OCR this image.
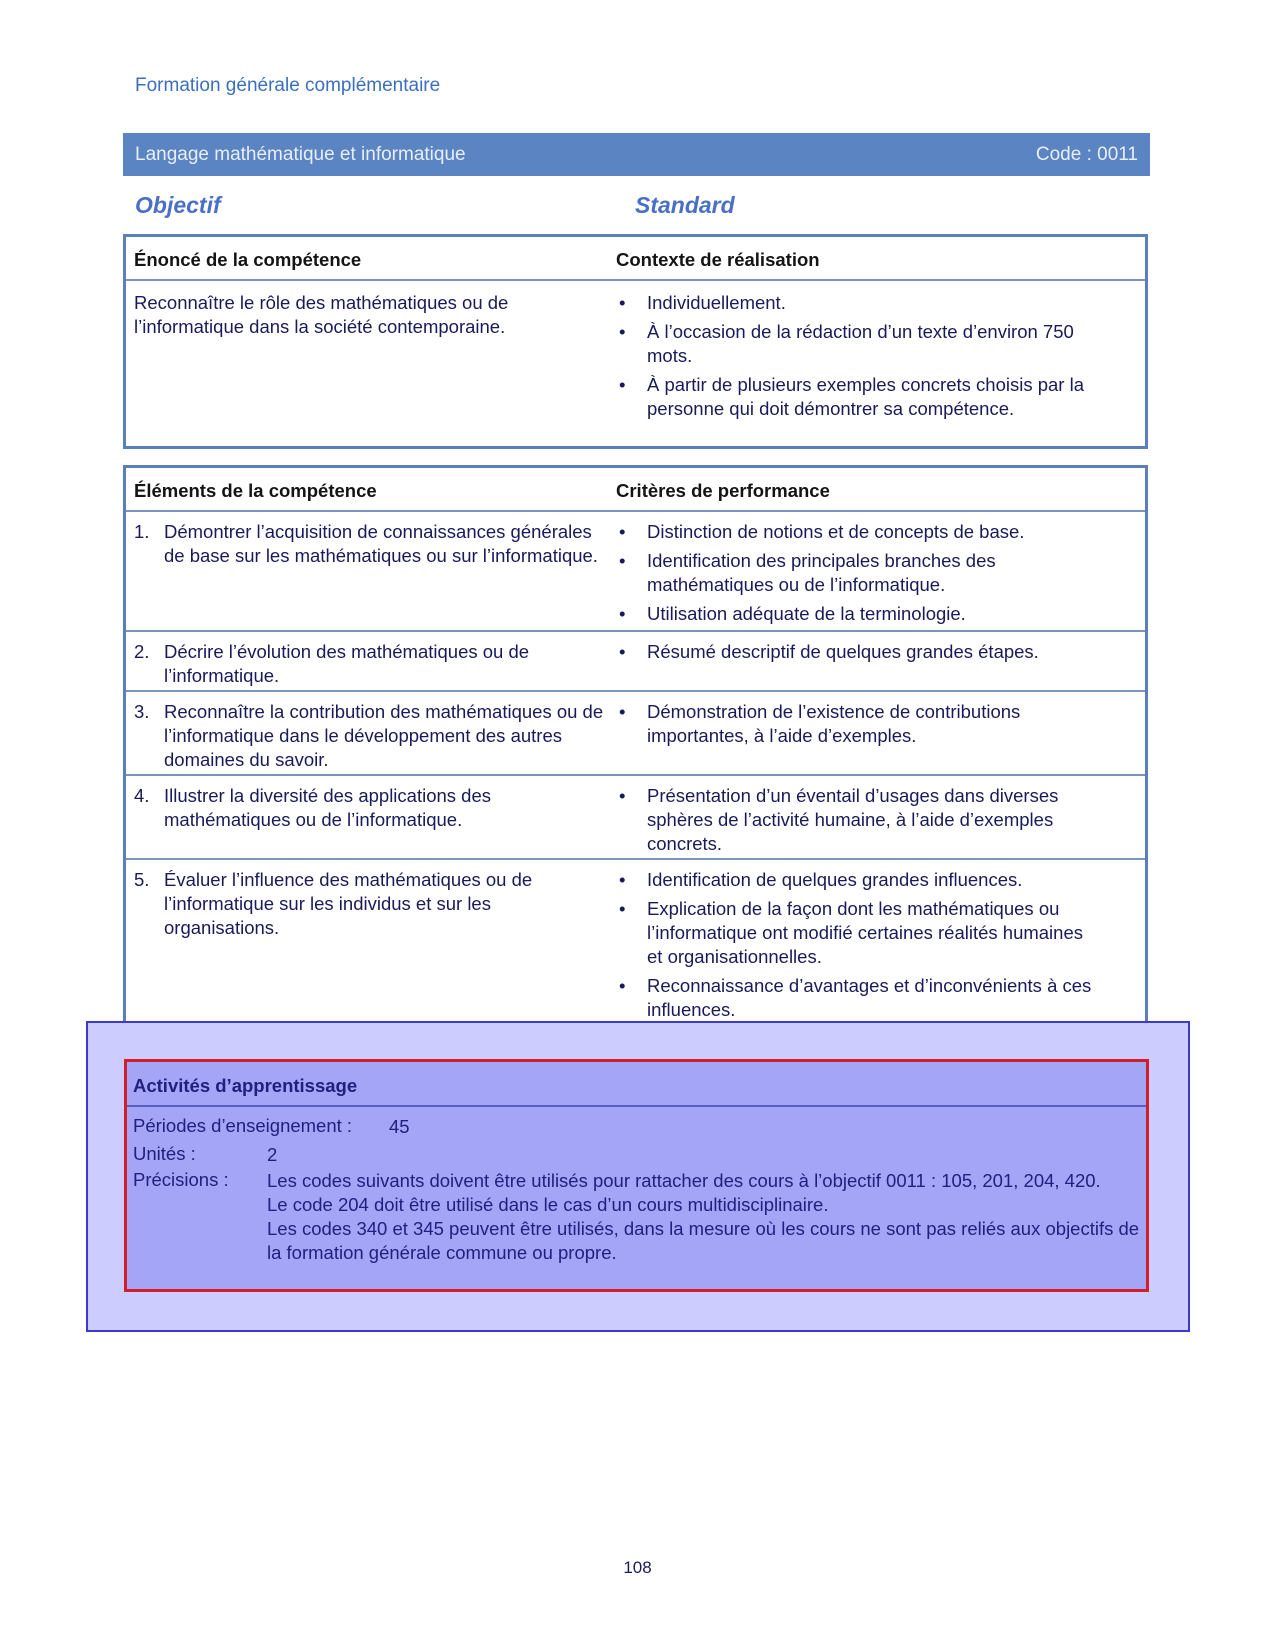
Formation générale complémentaire
Langage mathématique et informatique	Code : 0011
Objectif	Standard
Énoncé de la compétence	Contexte de réalisation
Reconnaître le rôle des mathématiques ou de l’informatique dans la société contemporaine.
• Individuellement.
• À l’occasion de la rédaction d’un texte d’environ 750 mots.
• À partir de plusieurs exemples concrets choisis par la personne qui doit démontrer sa compétence.
Éléments de la compétence	Critères de performance
1. Démontrer l’acquisition de connaissances générales de base sur les mathématiques ou sur l’informatique.
• Distinction de notions et de concepts de base.
• Identification des principales branches des mathématiques ou de l’informatique.
• Utilisation adéquate de la terminologie.
2. Décrire l’évolution des mathématiques ou de l’informatique.
• Résumé descriptif de quelques grandes étapes.
3. Reconnaître la contribution des mathématiques ou de l’informatique dans le développement des autres domaines du savoir.
• Démonstration de l’existence de contributions importantes, à l’aide d’exemples.
4. Illustrer la diversité des applications des mathématiques ou de l’informatique.
• Présentation d’un éventail d’usages dans diverses sphères de l’activité humaine, à l’aide d’exemples concrets.
5. Évaluer l’influence des mathématiques ou de l’informatique sur les individus et sur les organisations.
• Identification de quelques grandes influences.
• Explication de la façon dont les mathématiques ou l’informatique ont modifié certaines réalités humaines et organisationnelles.
• Reconnaissance d’avantages et d’inconvénients à ces influences.
Activités d’apprentissage
Périodes d’enseignement : 45
Unités :	2
Précisions : Les codes suivants doivent être utilisés pour rattacher des cours à l’objectif 0011 : 105, 201, 204, 420.
Le code 204 doit être utilisé dans le cas d’un cours multidisciplinaire.
Les codes 340 et 345 peuvent être utilisés, dans la mesure où les cours ne sont pas reliés aux objectifs de la formation générale commune ou propre.
108
